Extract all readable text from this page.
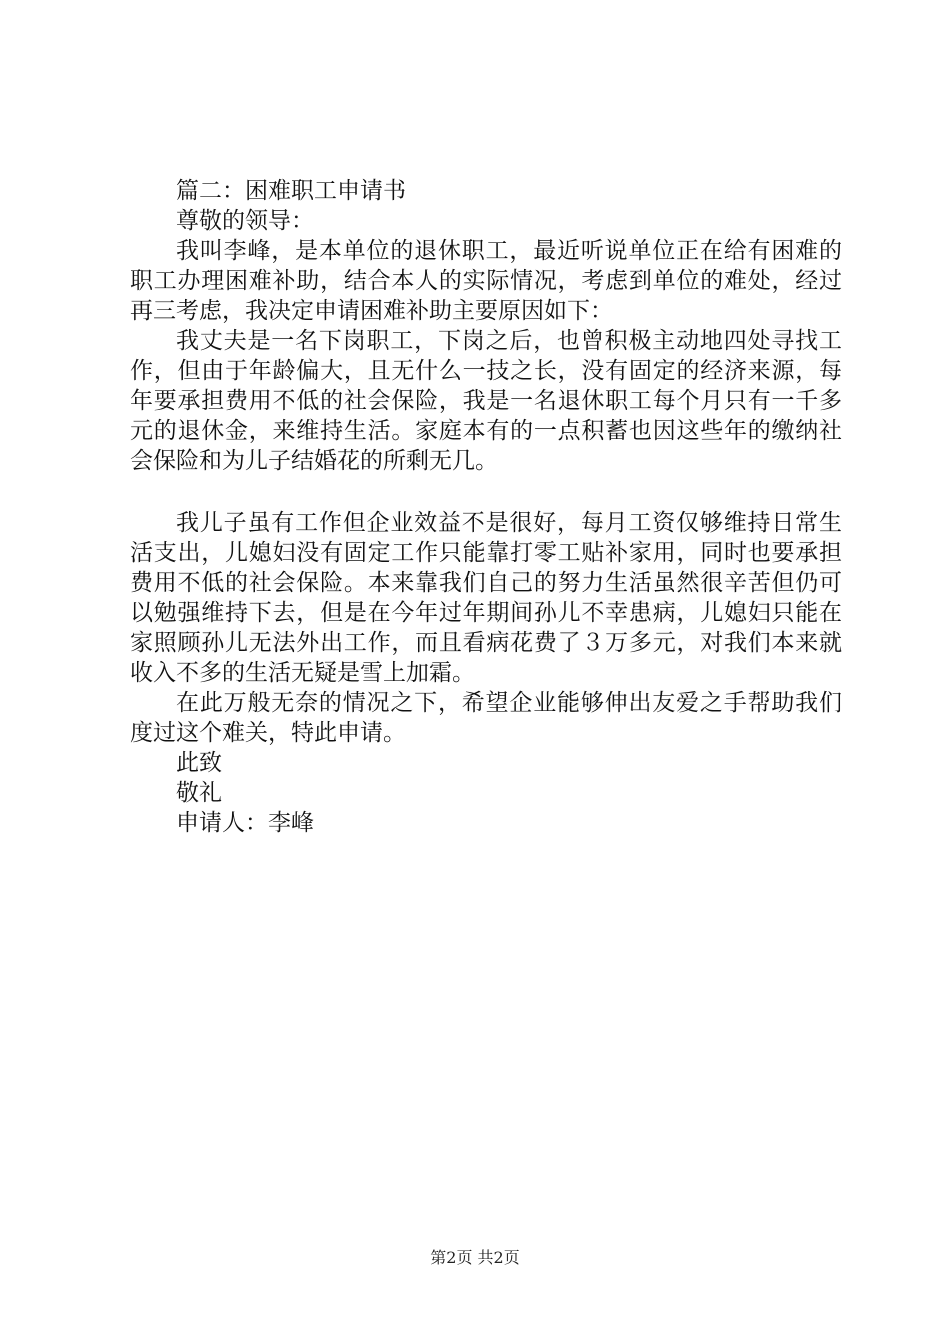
篇二：困难职工申请书

尊敬的领导：

我叫李峰，是本单位的退休职工，最近听说单位正在给有困难的职工办理困难补助，结合本人的实际情况，考虑到单位的难处，经过再三考虑，我决定申请困难补助主要原因如下：

我丈夫是一名下岗职工，下岗之后，也曾积极主动地四处寻找工作，但由于年龄偏大，且无什么一技之长，没有固定的经济来源，每年要承担费用不低的社会保险，我是一名退休职工每个月只有一千多元的退休金，来维持生活。家庭本有的一点积蓄也因这些年的缴纳社会保险和为儿子结婚花的所剩无几。

我儿子虽有工作但企业效益不是很好，每月工资仅够维持日常生活支出，儿媳妇没有固定工作只能靠打零工贴补家用，同时也要承担费用不低的社会保险。本来靠我们自己的努力生活虽然很辛苦但仍可以勉强维持下去，但是在今年过年期间孙儿不幸患病，儿媳妇只能在家照顾孙儿无法外出工作，而且看病花费了３万多元，对我们本来就收入不多的生活无疑是雪上加霜。

在此万般无奈的情况之下，希望企业能够伸出友爱之手帮助我们度过这个难关，特此申请。

此致

敬礼

申请人：李峰

第2页 共2页
